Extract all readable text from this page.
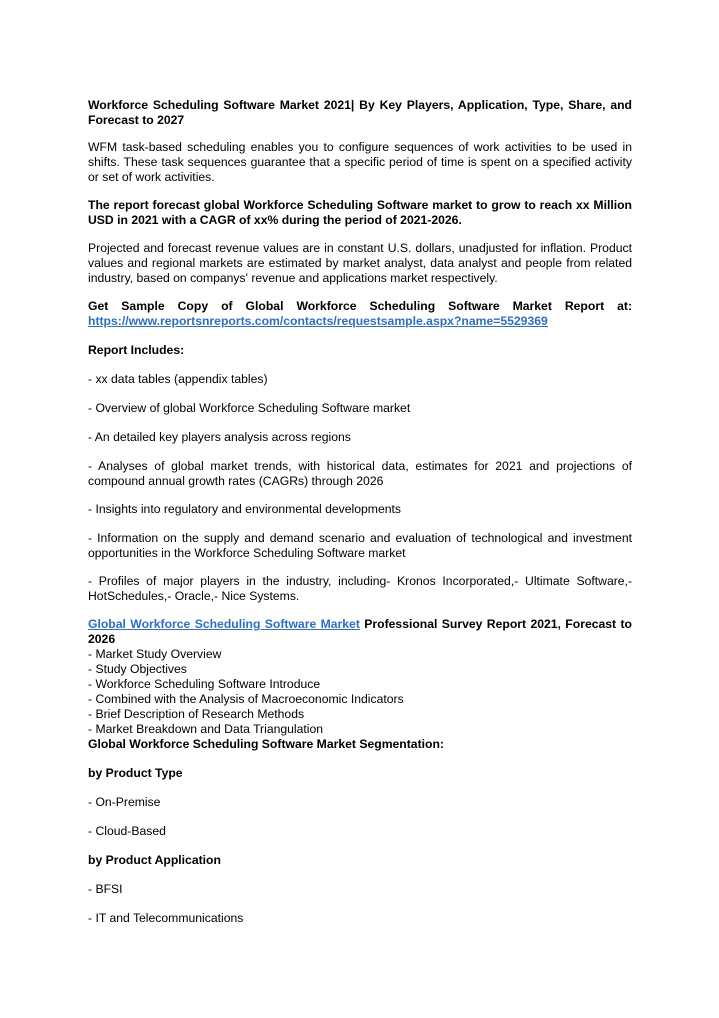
Workforce Scheduling Software Market 2021| By Key Players, Application, Type, Share, and Forecast to 2027

WFM task-based scheduling enables you to configure sequences of work activities to be used in shifts. These task sequences guarantee that a specific period of time is spent on a specified activity or set of work activities.

The report forecast global Workforce Scheduling Software market to grow to reach xx Million USD in 2021 with a CAGR of xx% during the period of 2021-2026.

Projected and forecast revenue values are in constant U.S. dollars, unadjusted for inflation. Product values and regional markets are estimated by market analyst, data analyst and people from related industry, based on companys' revenue and applications market respectively.

Get Sample Copy of Global Workforce Scheduling Software Market Report at:

https://www.reportsnreports.com/contacts/requestsample.aspx?name=5529369

Report Includes:

- xx data tables (appendix tables)

- Overview of global Workforce Scheduling Software market

- An detailed key players analysis across regions

- Analyses of global market trends, with historical data, estimates for 2021 and projections of compound annual growth rates (CAGRs) through 2026

- Insights into regulatory and environmental developments

- Information on the supply and demand scenario and evaluation of technological and investment opportunities in the Workforce Scheduling Software market

- Profiles of major players in the industry, including- Kronos Incorporated,- Ultimate Software,- HotSchedules,- Oracle,- Nice Systems.

Global Workforce Scheduling Software Market Professional Survey Report 2021, Forecast to 2026

- Market Study Overview

- Study Objectives

- Workforce Scheduling Software Introduce

- Combined with the Analysis of Macroeconomic Indicators

- Brief Description of Research Methods

- Market Breakdown and Data Triangulation

Global Workforce Scheduling Software Market Segmentation:

by Product Type

- On-Premise

- Cloud-Based

by Product Application

- BFSI

- IT and Telecommunications
